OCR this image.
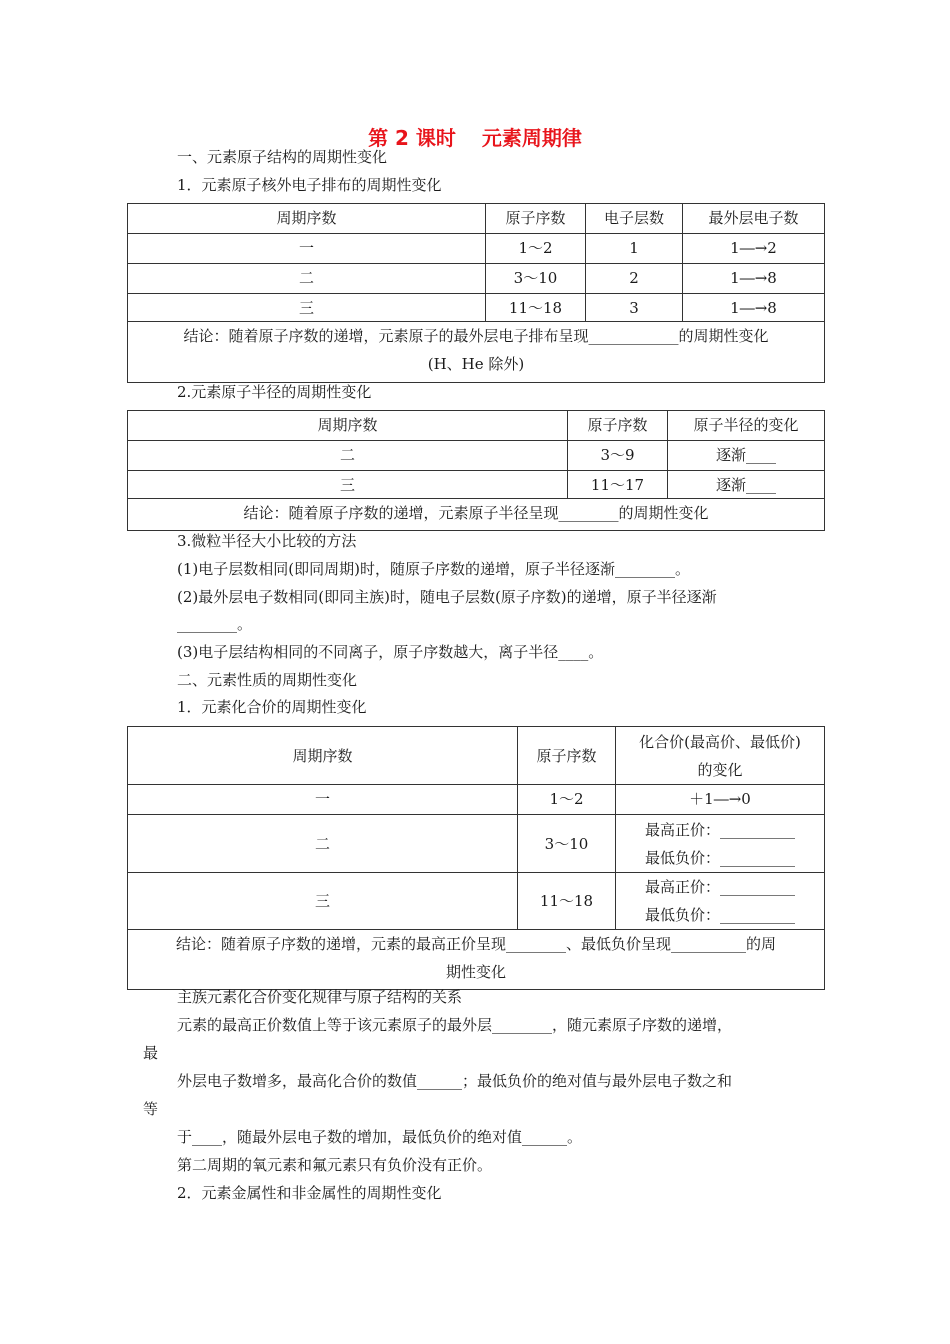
第 2 课时 元素周期律
一、元素原子结构的周期性变化
1．元素原子核外电子排布的周期性变化
周期序数	原子序数	电子层数	最外层电子数
一	1～2	1	1―→2
二	3～10	2	1―→8
三	11～18	3	1―→8

结论：随着原子序数的递增，元素原子的最外层电子排布呈现____________的周期性变化
(H、He 除外)			
2.元素原子半径的周期性变化
周期序数	原子序数	原子半径的变化
二	3～9	逐渐____
三	11～17	逐渐____
结论：随着原子序数的递增，元素原子半径呈现________的周期性变化		
3.微粒半径大小比较的方法
(1)电子层数相同(即同周期)时，随原子序数的递增，原子半径逐渐________。
(2)最外层电子数相同(即同主族)时，随电子层数(原子序数)的递增，原子半径逐渐
________。
(3)电子层结构相同的不同离子，原子序数越大，离子半径____。
二、元素性质的周期性变化
1．元素化合价的周期性变化
周期序数	原子序数	化合价(最高价、最低价)
的变化

一	1～2	＋1―→0
二	3～10	最高正价：__________
最低负价：__________

三	11～18	最高正价：__________
最低负价：__________

结论：随着原子序数的递增，元素的最高正价呈现________、最低负价呈现__________的周
期性变化		
主族元素化合价变化规律与原子结构的关系
元素的最高正价数值上等于该元素原子的最外层________，随元素原子序数的递增，
最
外层电子数增多，最高化合价的数值______；最低负价的绝对值与最外层电子数之和
等
于____，随最外层电子数的增加，最低负价的绝对值______。
第二周期的氧元素和氟元素只有负价没有正价。
2．元素金属性和非金属性的周期性变化
